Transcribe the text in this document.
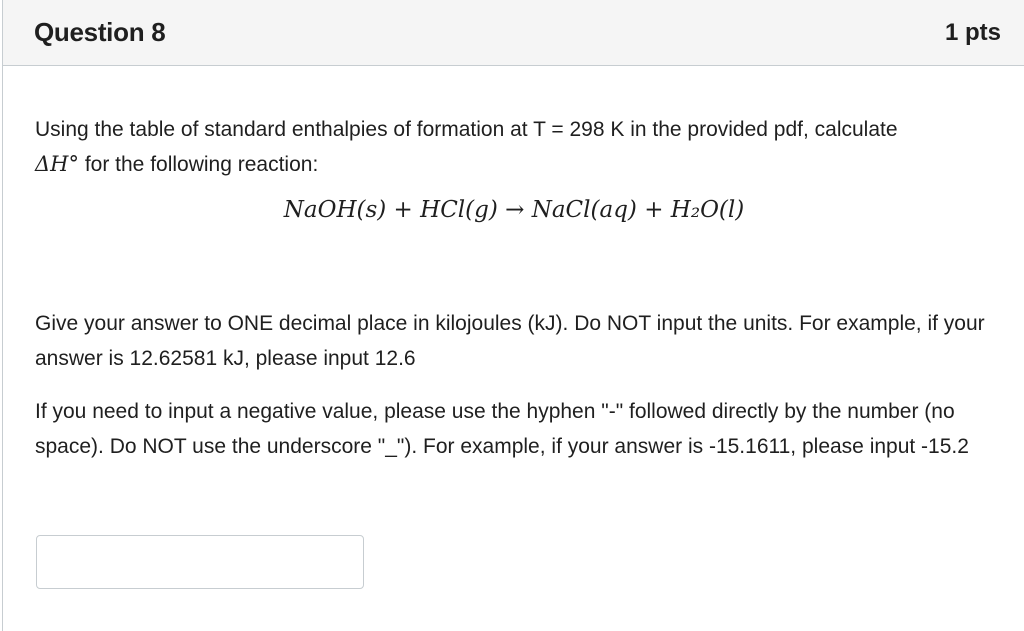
Question 8	1 pts

Using the table of standard enthalpies of formation at T = 298 K in the provided pdf, calculate
ΔH° for the following reaction:

NaOH(s) + HCl(g) → NaCl(aq) + H₂O(l)
Give your answer to ONE decimal place in kilojoules (kJ). Do NOT input the units. For example, if your answer is 12.62581 kJ, please input 12.6
If you need to input a negative value, please use the hyphen "-" followed directly by the number (no space). Do NOT use the underscore "_"). For example, if your answer is -15.1611, please input -15.2
